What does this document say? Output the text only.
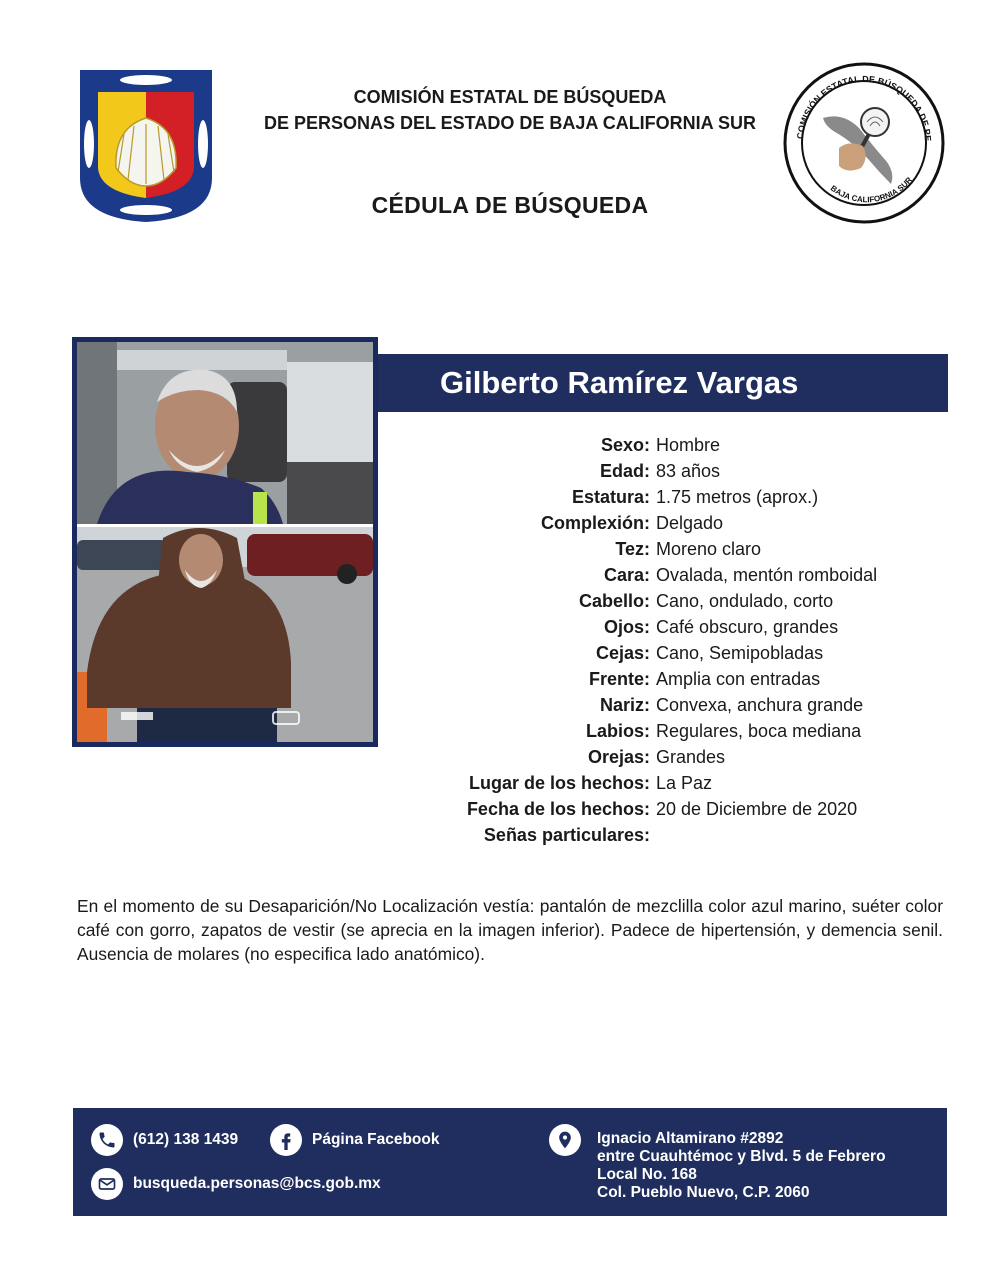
COMISIÓN ESTATAL DE BÚSQUEDA
DE PERSONAS DEL ESTADO DE BAJA CALIFORNIA SUR
CÉDULA DE BÚSQUEDA
COMISIÓN ESTATAL DE BÚSQUEDA DE PE
BAJA CALIFORNIA SUR
Gilberto Ramírez Vargas
Sexo: Hombre
Edad: 83 años
Estatura: 1.75 metros (aprox.)
Complexión: Delgado
Tez: Moreno claro
Cara: Ovalada, mentón romboidal
Cabello: Cano, ondulado, corto
Ojos: Café obscuro, grandes
Cejas: Cano, Semipobladas
Frente: Amplia con entradas
Nariz: Convexa, anchura grande
Labios: Regulares, boca mediana
Orejas: Grandes
Lugar de los hechos: La Paz
Fecha de los hechos: 20 de Diciembre de 2020
Señas particulares:
En el momento de su Desaparición/No Localización vestía: pantalón de mezclilla color azul marino, suéter color café con gorro, zapatos de vestir (se aprecia en la imagen inferior). Padece de hipertensión, y demencia senil. Ausencia de molares (no especifica lado anatómico).
(612) 138 1439	Página Facebook
busqueda.personas@bcs.gob.mx
Ignacio Altamirano #2892
entre Cuauhtémoc y Blvd. 5 de Febrero
Local No. 168
Col. Pueblo Nuevo, C.P. 2060
